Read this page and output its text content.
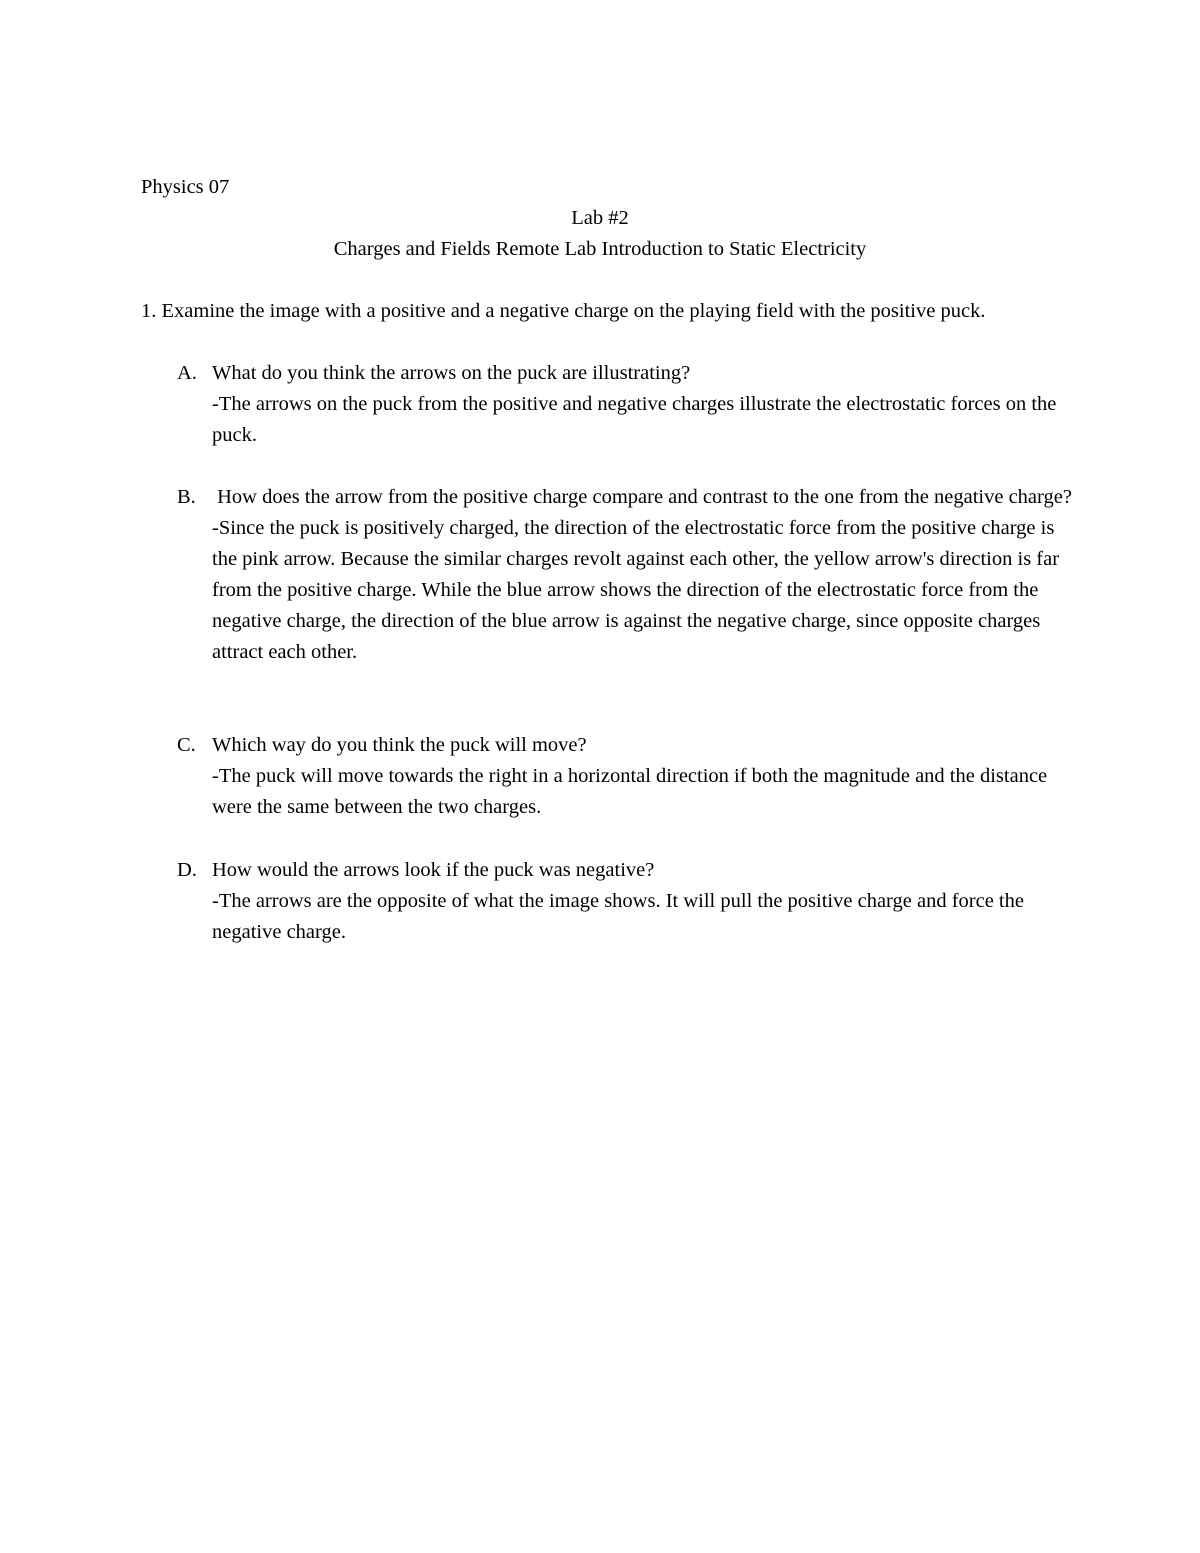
Physics 07
Lab #2
Charges and Fields Remote Lab Introduction to Static Electricity
1. Examine the image with a positive and a negative charge on the playing field with the positive puck.
A. What do you think the arrows on the puck are illustrating?
-The arrows on the puck from the positive and negative charges illustrate the electrostatic forces on the puck.
B. How does the arrow from the positive charge compare and contrast to the one from the negative charge?
-Since the puck is positively charged, the direction of the electrostatic force from the positive charge is the pink arrow. Because the similar charges revolt against each other, the yellow arrow's direction is far from the positive charge. While the blue arrow shows the direction of the electrostatic force from the negative charge, the direction of the blue arrow is against the negative charge, since opposite charges attract each other.
C. Which way do you think the puck will move?
-The puck will move towards the right in a horizontal direction if both the magnitude and the distance were the same between the two charges.
D. How would the arrows look if the puck was negative?
-The arrows are the opposite of what the image shows. It will pull the positive charge and force the negative charge.
